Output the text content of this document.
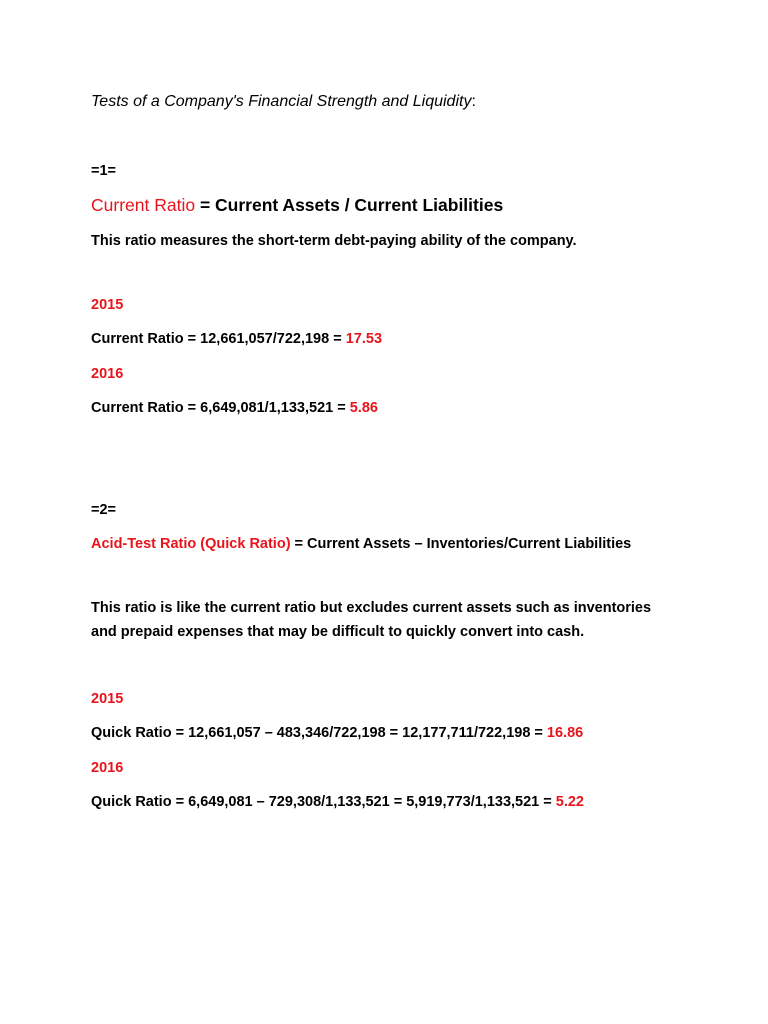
Tests of a Company's Financial Strength and Liquidity:
=1=
Current Ratio = Current Assets / Current Liabilities
This ratio measures the short-term debt-paying ability of the company.
2015
Current Ratio = 12,661,057/722,198 = 17.53
2016
Current Ratio = 6,649,081/1,133,521 = 5.86
=2=
Acid-Test Ratio (Quick Ratio) = Current Assets – Inventories/Current Liabilities
This ratio is like the current ratio but excludes current assets such as inventories
and prepaid expenses that may be difficult to quickly convert into cash.
2015
Quick Ratio = 12,661,057 – 483,346/722,198 = 12,177,711/722,198 = 16.86
2016
Quick Ratio = 6,649,081 – 729,308/1,133,521 = 5,919,773/1,133,521 = 5.22
